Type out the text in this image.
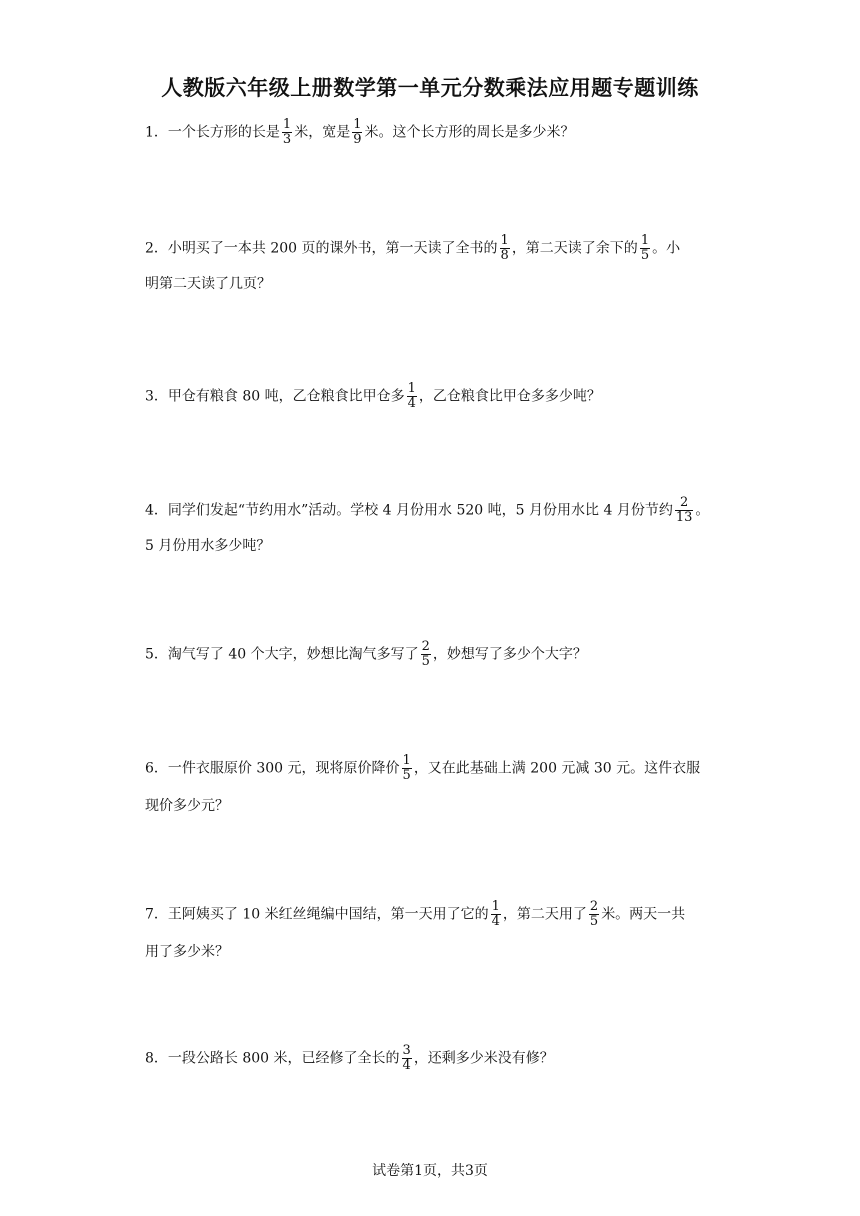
人教版六年级上册数学第一单元分数乘法应用题专题训练
1．一个长方形的长是 $\frac{1}{3}$ 米，宽是 $\frac{1}{9}$ 米。这个长方形的周长是多少米？
2．小明买了一本共 200 页的课外书，第一天读了全书的 $\frac{1}{8}$ ，第二天读了余下的 $\frac{1}{5}$ 。小
明第二天读了几页？
3．甲仓有粮食 80 吨，乙仓粮食比甲仓多 $\frac{1}{4}$ ，乙仓粮食比甲仓多多少吨？
4．同学们发起“节约用水”活动。学校 4 月份用水 520 吨，5 月份用水比 4 月份节约 $\frac{2}{13}$ 。
5 月份用水多少吨？
5．淘气写了 40 个大字，妙想比淘气多写了 $\frac{2}{5}$ ，妙想写了多少个大字？
6．一件衣服原价 300 元，现将原价降价 $\frac{1}{5}$ ，又在此基础上满 200 元减 30 元。这件衣服
现价多少元？
7．王阿姨买了 10 米红丝绳编中国结，第一天用了它的 $\frac{1}{4}$ ，第二天用了 $\frac{2}{5}$ 米。两天一共
用了多少米？
8．一段公路长 800 米，已经修了全长的 $\frac{3}{4}$ ，还剩多少米没有修？
试卷第1页，共3页
